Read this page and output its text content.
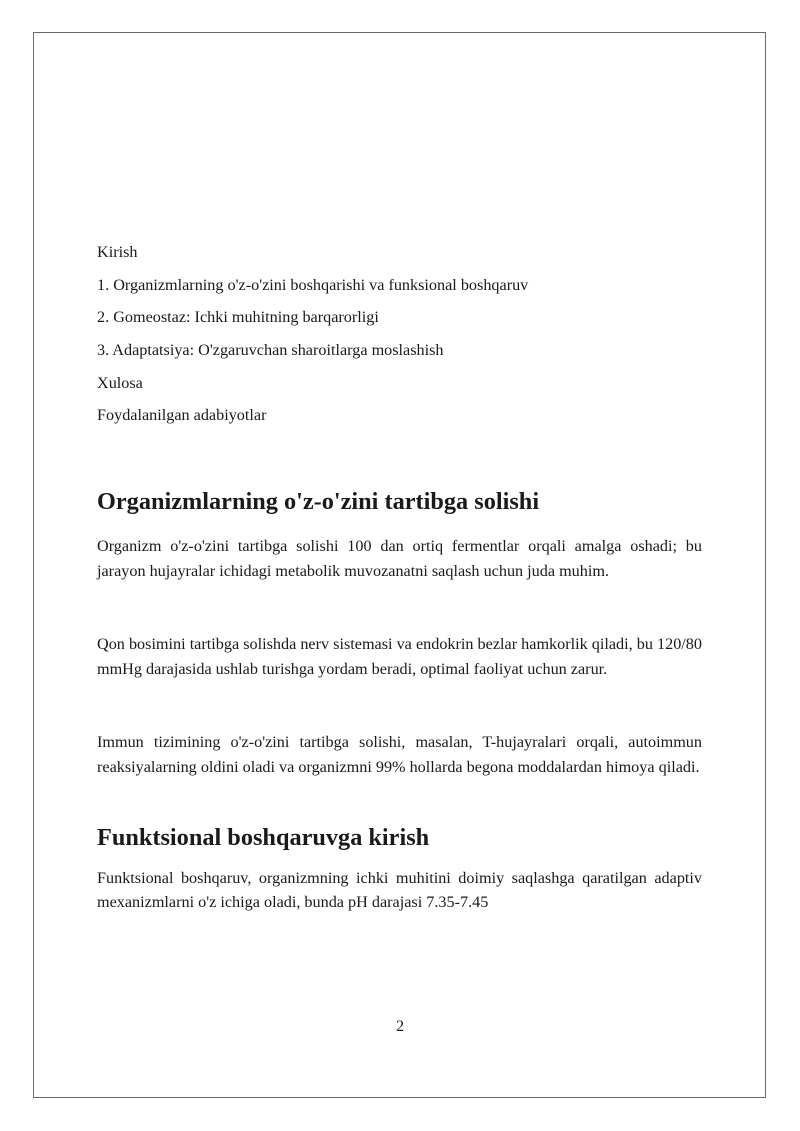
Kirish
1. Organizmlarning o'z-o'zini boshqarishi va funksional boshqaruv
2. Gomeostaz: Ichki muhitning barqarorligi
3. Adaptatsiya: O'zgaruvchan sharoitlarga moslashish
Xulosa
Foydalanilgan adabiyotlar
Organizmlarning o'z-o'zini tartibga solishi

Organizm o'z-o'zini tartibga solishi 100 dan ortiq fermentlar orqali amalga oshadi; bu jarayon hujayralar ichidagi metabolik muvozanatni saqlash uchun juda muhim.

Qon bosimini tartibga solishda nerv sistemasi va endokrin bezlar hamkorlik qiladi, bu 120/80 mmHg darajasida ushlab turishga yordam beradi, optimal faoliyat uchun zarur.

Immun tizimining o'z-o'zini tartibga solishi, masalan, T-hujayralari orqali, autoimmun reaksiyalarning oldini oladi va organizmni 99% hollarda begona moddalardan himoya qiladi.

Funktsional boshqaruvga kirish

Funktsional boshqaruv, organizmning ichki muhitini doimiy saqlashga qaratilgan adaptiv mexanizmlarni o'z ichiga oladi, bunda pH darajasi 7.35-7.45

2
